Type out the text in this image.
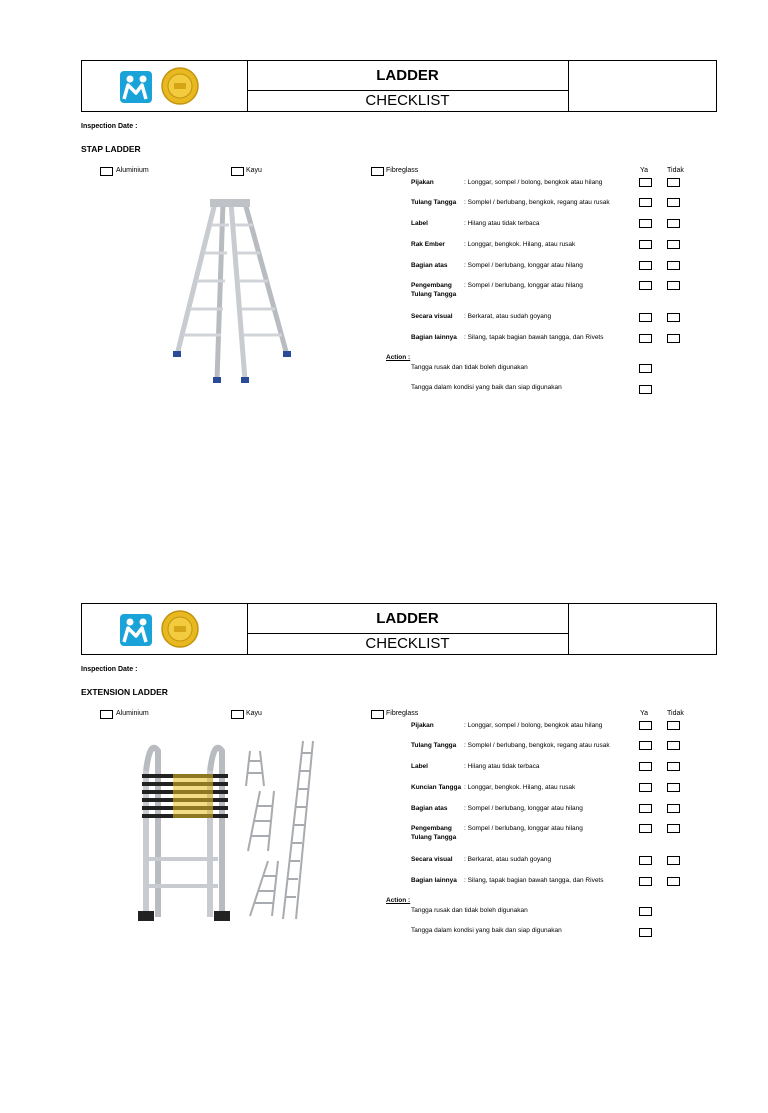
LADDER
CHECKLIST
Inspection Date :
STAP LADDER
Aluminium	Kayu	Fibreglass	Ya	Tidak
Pijakan	: Longgar, sompel / bolong, bengkok atau hilang
Tulang Tangga	: Somplel / berlubang, bengkok, regang atau rusak
Label	: Hilang atau tidak terbaca
Rak Ember	: Longgar, bengkok. Hilang, atau rusak
Bagian atas	: Sompel / berlubang, longgar atau hilang
Pengembang Tulang Tangga
: Sompel / berlubang, longgar atau hilang
Secara visual	: Berkarat, atau sudah goyang
Bagian lainnya	: Silang, tapak bagian bawah tangga, dan Rivets
Action :
Tangga rusak dan tidak boleh digunakan
Tangga dalam kondisi yang baik dan siap digunakan
LADDER
CHECKLIST
Inspection Date :
EXTENSION LADDER
Aluminium	Kayu	Fibreglass	Ya	Tidak
Pijakan	: Longgar, sompel / bolong, bengkok atau hilang
Tulang Tangga	: Somplel / berlubang, bengkok, regang atau rusak
Label	: Hilang atau tidak terbaca
Kuncian Tangga : Longgar, bengkok. Hilang, atau rusak
Bagian atas	: Sompel / berlubang, longgar atau hilang
Pengembang Tulang Tangga
: Sompel / berlubang, longgar atau hilang
Secara visual	: Berkarat, atau sudah goyang
Bagian lainnya	: Silang, tapak bagian bawah tangga, dan Rivets
Action :
Tangga rusak dan tidak boleh digunakan
Tangga dalam kondisi yang baik dan siap digunakan
